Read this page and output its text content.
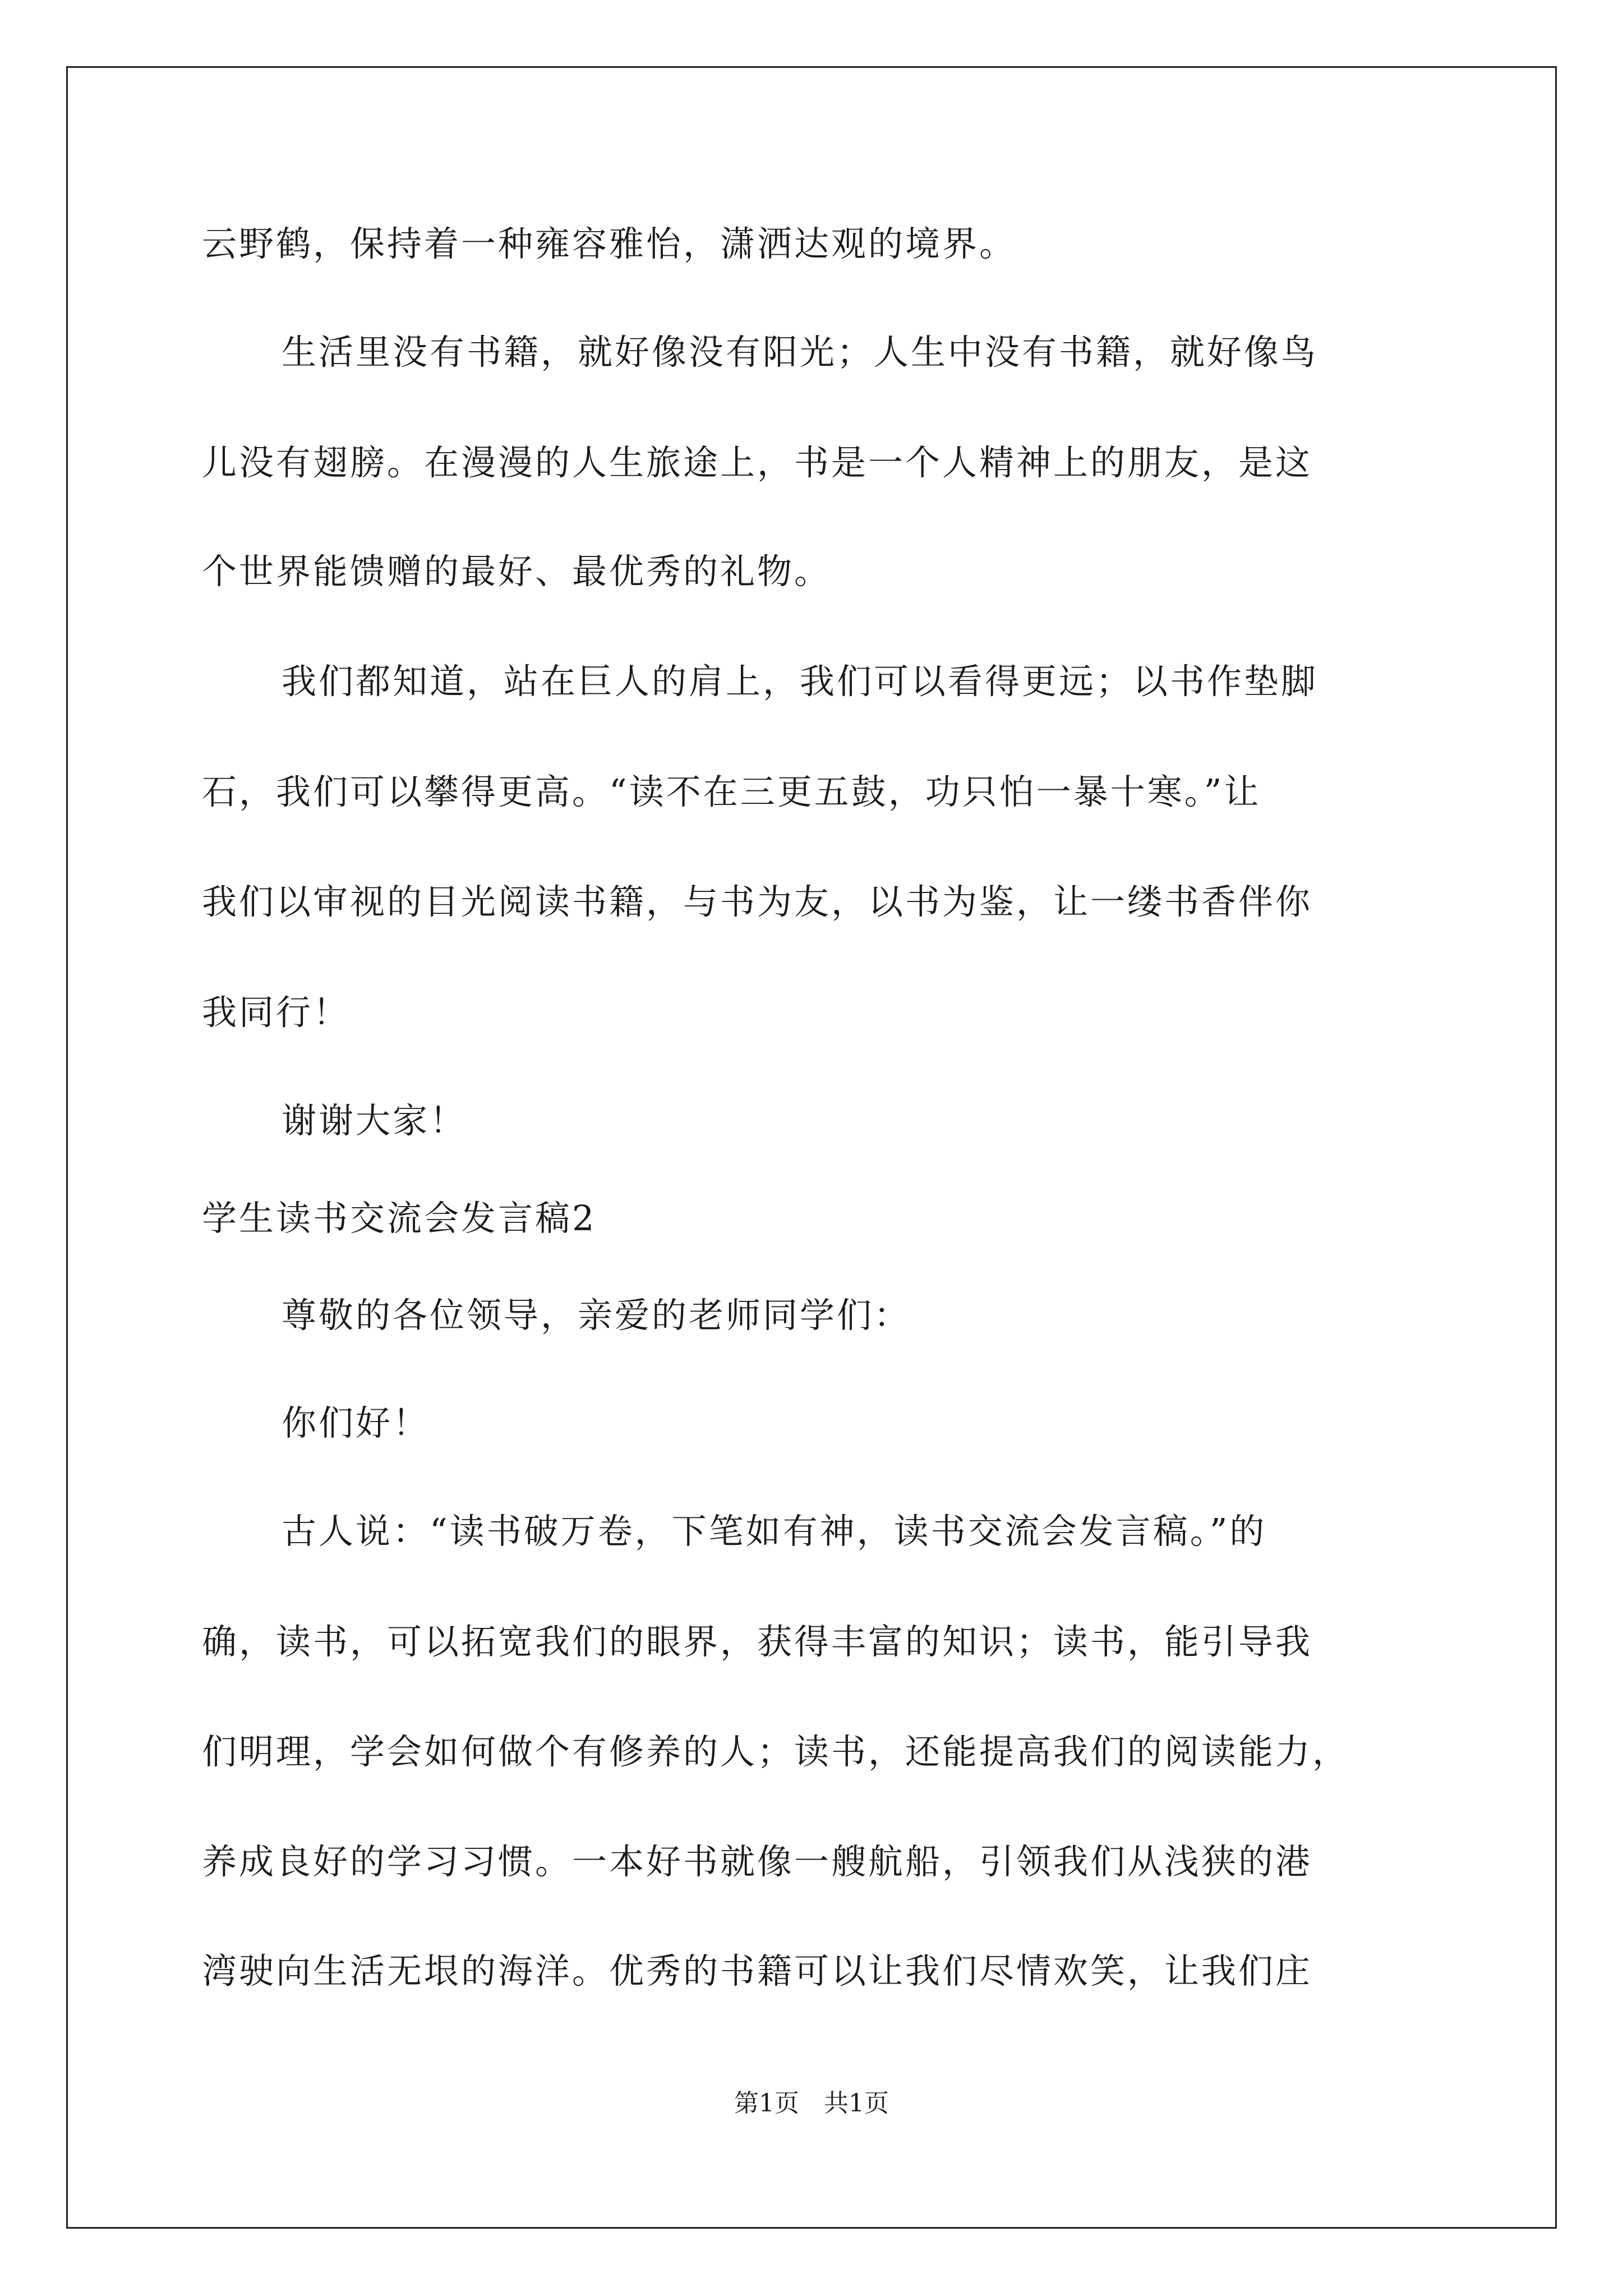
云野鹤，保持着一种雍容雅怡，潇洒达观的境界。
生活里没有书籍，就好像没有阳光；人生中没有书籍，就好像鸟
儿没有翅膀。在漫漫的人生旅途上，书是一个人精神上的朋友，是这
个世界能馈赠的最好、最优秀的礼物。
我们都知道，站在巨人的肩上，我们可以看得更远；以书作垫脚
石，我们可以攀得更高。“读不在三更五鼓，功只怕一暴十寒。”让
我们以审视的目光阅读书籍，与书为友，以书为鉴，让一缕书香伴你
我同行！
谢谢大家！
学生读书交流会发言稿2
尊敬的各位领导，亲爱的老师同学们：
你们好！
古人说：“读书破万卷，下笔如有神，读书交流会发言稿。”的
确，读书，可以拓宽我们的眼界，获得丰富的知识；读书，能引导我
们明理，学会如何做个有修养的人；读书，还能提高我们的阅读能力，
养成良好的学习习惯。一本好书就像一艘航船，引领我们从浅狭的港
湾驶向生活无垠的海洋。优秀的书籍可以让我们尽情欢笑，让我们庄
第1页　共1页
